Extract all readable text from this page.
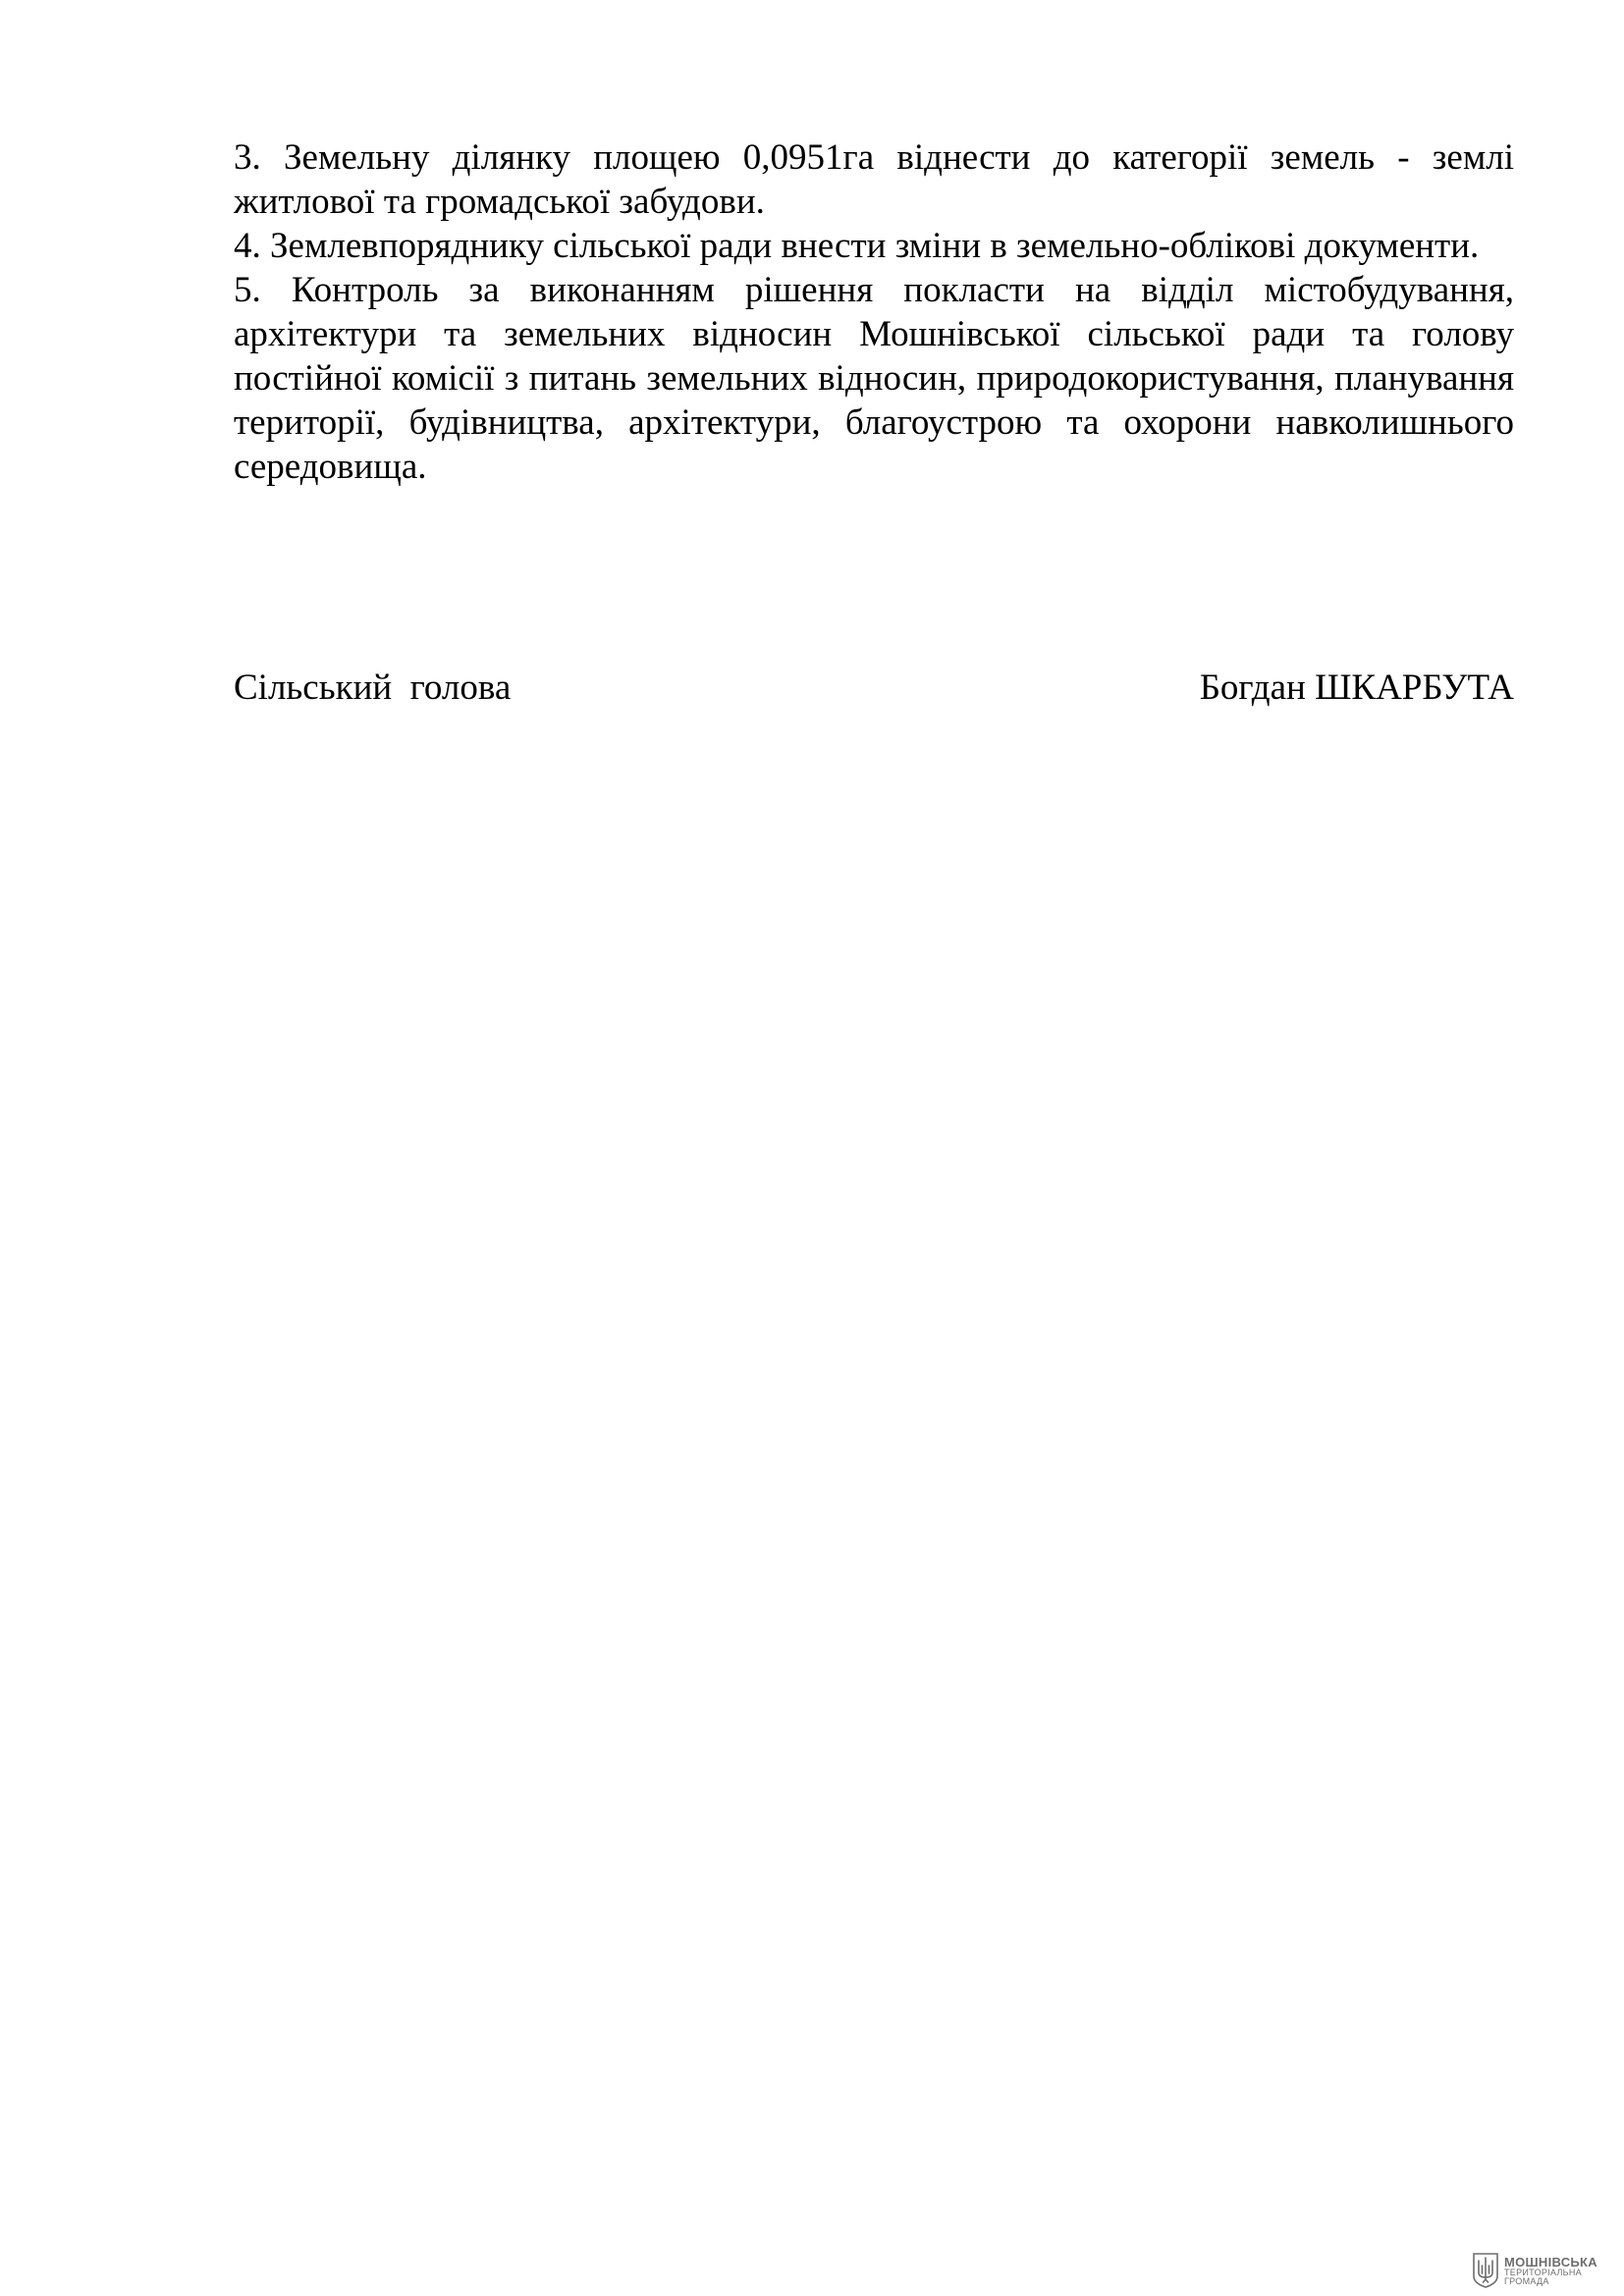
3. Земельну ділянку площею 0,0951га віднести до категорії земель - землі житлової та громадської забудови.

4. Землевпоряднику сільської ради внести зміни в земельно-облікові документи.

5. Контроль за виконанням рішення покласти на відділ містобудування, архітектури та земельних відносин Мошнівської сільської ради та голову постійної комісії з питань земельних відносин, природокористування, планування території, будівництва, архітектури, благоустрою та охорони навколишнього середовища.

Сільський  голова	Богдан ШКАРБУТА
МОШНІВСЬКА
ТЕРИТОРІАЛЬНА
ГРОМАДА
